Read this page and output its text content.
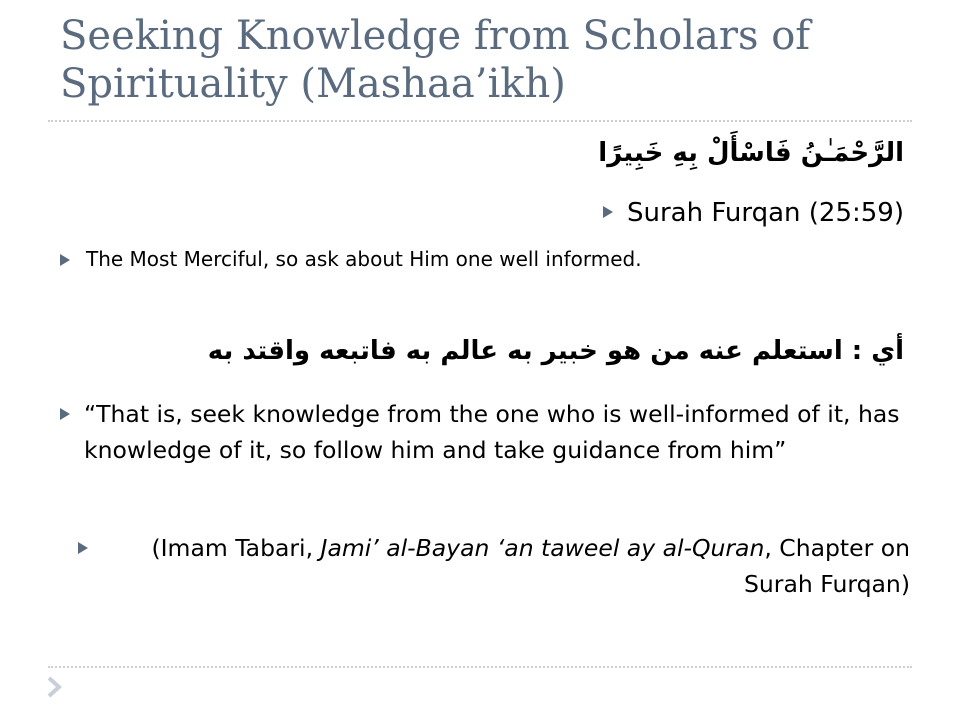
Seeking Knowledge from Scholars of Spirituality (Mashaa’ikh)
الرَّحْمَـٰنُ فَاسْأَلْ بِهِ خَبِيرًا
Surah Furqan (25:59)
The Most Merciful, so ask about Him one well informed.
أي : استعلم عنه من هو خبير به عالم به فاتبعه واقتد به
“That is, seek knowledge from the one who is well-informed of it, has knowledge of it, so follow him and take guidance from him”
(Imam Tabari, Jami’ al-Bayan ‘an taweel ay al-Quran, Chapter on Surah Furqan)
